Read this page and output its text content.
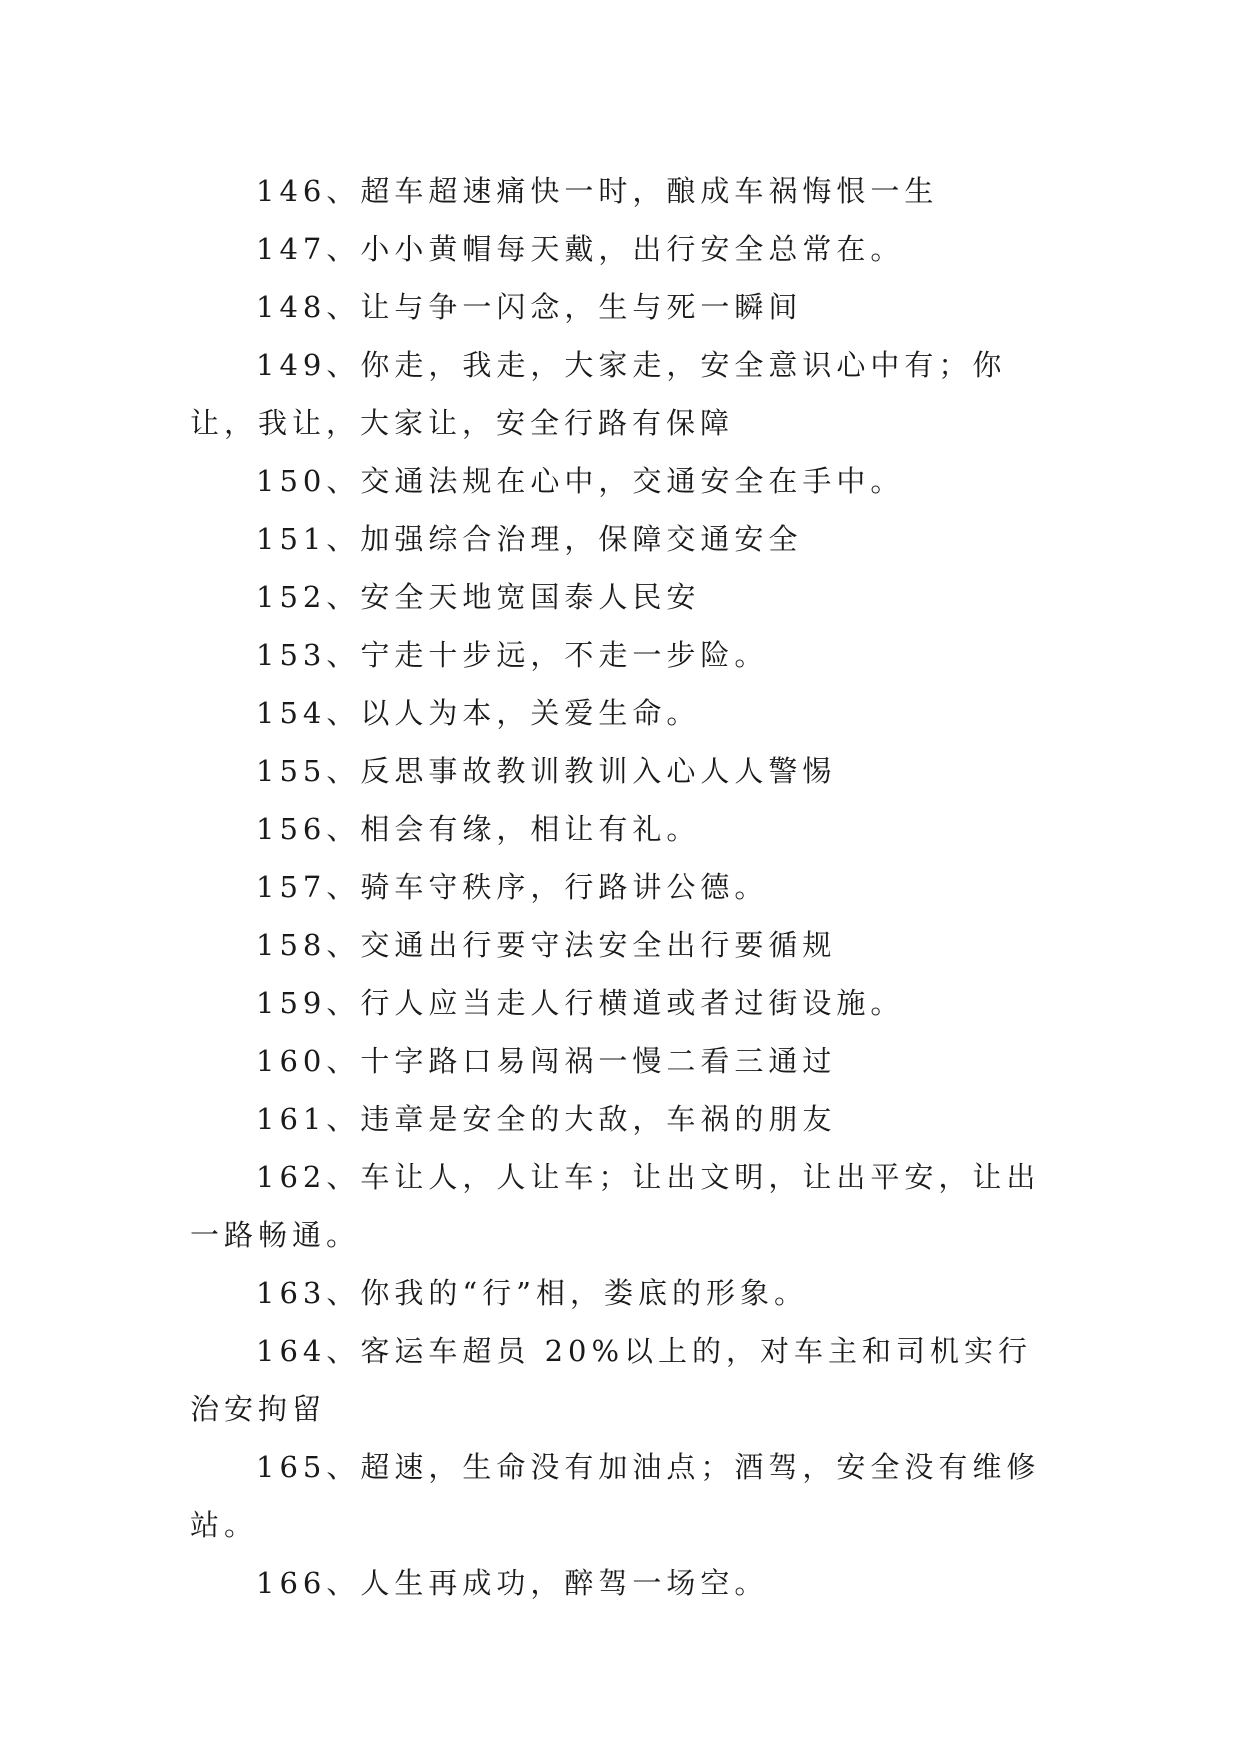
146、超车超速痛快一时，酿成车祸悔恨一生

147、小小黄帽每天戴，出行安全总常在。

148、让与争一闪念，生与死一瞬间

149、你走，我走，大家走，安全意识心中有；你让，我让，大家让，安全行路有保障

150、交通法规在心中，交通安全在手中。

151、加强综合治理，保障交通安全

152、安全天地宽国泰人民安

153、宁走十步远，不走一步险。

154、以人为本，关爱生命。

155、反思事故教训教训入心人人警惕

156、相会有缘，相让有礼。

157、骑车守秩序，行路讲公德。

158、交通出行要守法安全出行要循规

159、行人应当走人行横道或者过街设施。

160、十字路口易闯祸一慢二看三通过

161、违章是安全的大敌，车祸的朋友

162、车让人，人让车；让出文明，让出平安，让出一路畅通。

163、你我的“行”相，娄底的形象。

164、客运车超员 20%以上的，对车主和司机实行治安拘留

165、超速，生命没有加油点；酒驾，安全没有维修站。

166、人生再成功，醉驾一场空。
